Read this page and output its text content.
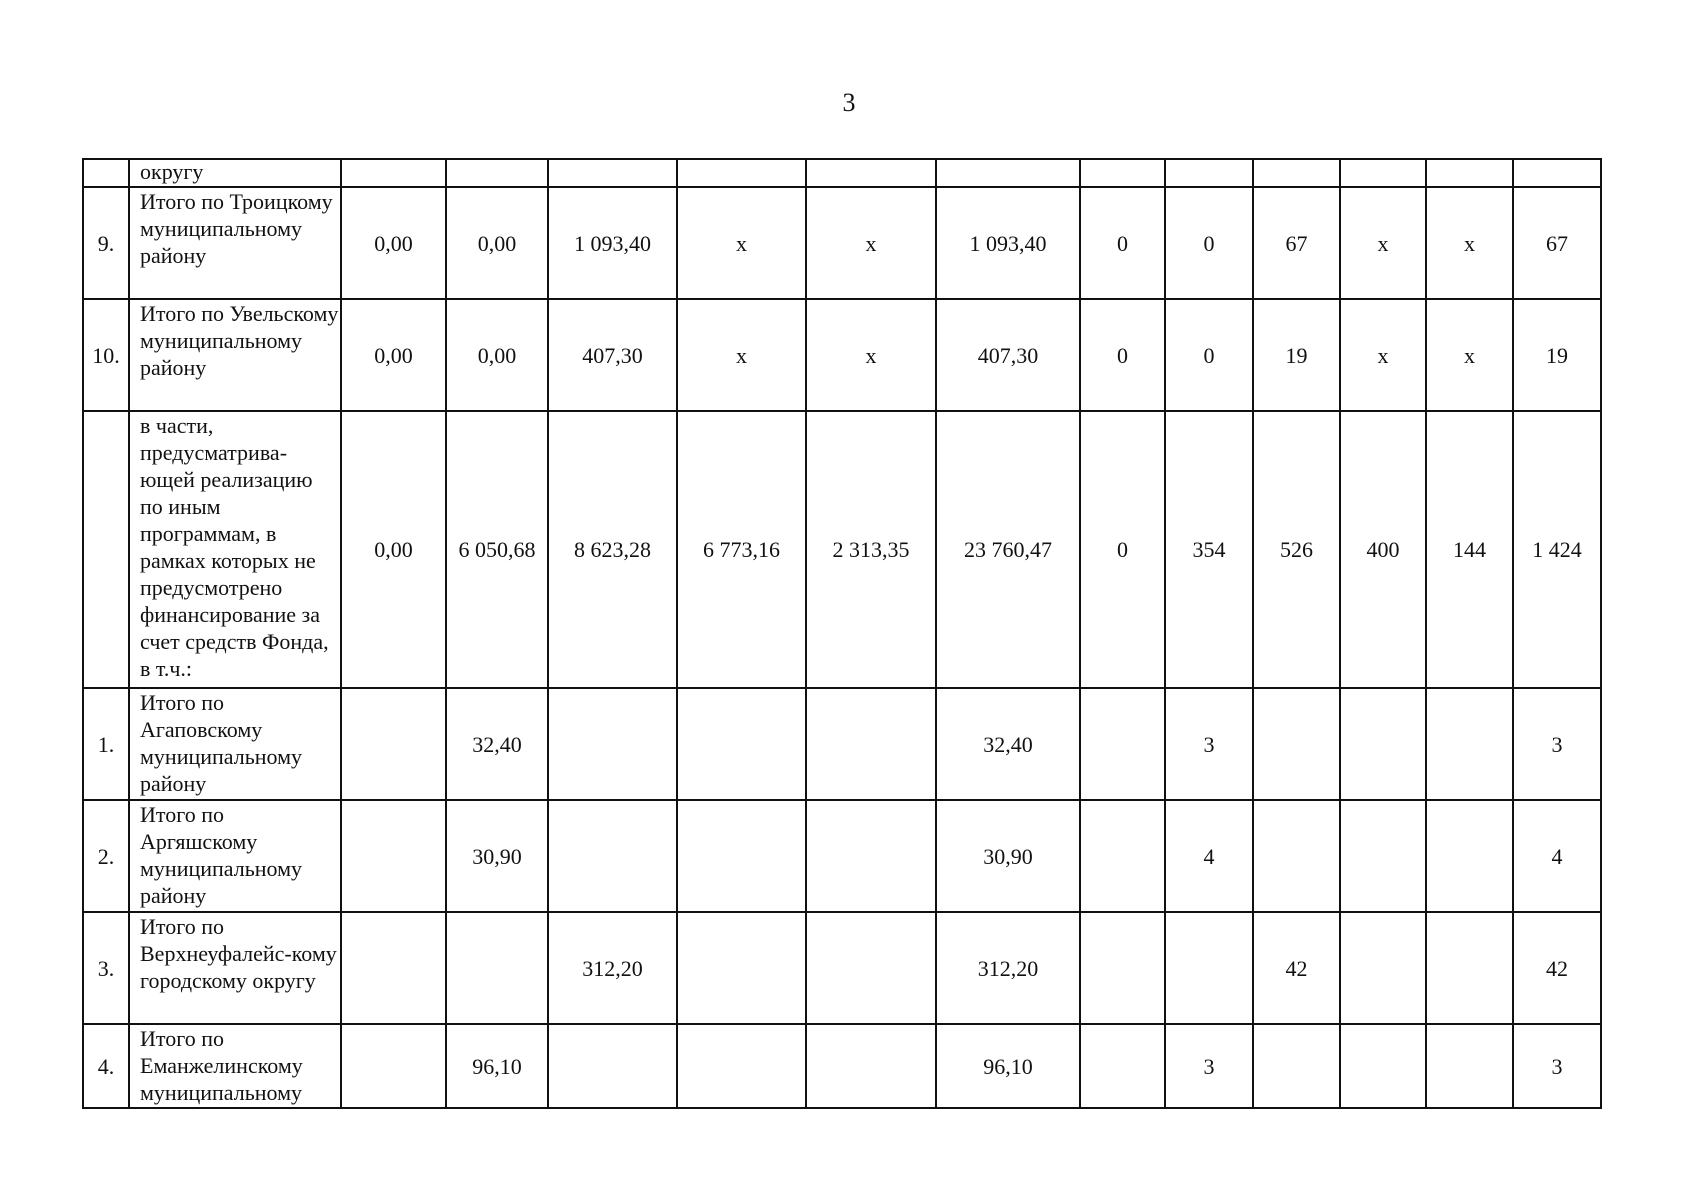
3
	округу												
9.	Итого по Троицкому муниципальному району	0,00	0,00	1 093,40	х	х	1 093,40	0	0	67	х	х	67
10.	Итого по Увельскому муниципальному району	0,00	0,00	407,30	х	х	407,30	0	0	19	х	х	19
	в части, предусматрива-ющей реализацию по иным программам, в рамках которых не предусмотрено финансирование за счет средств Фонда, в т.ч.:	0,00	6 050,68	8 623,28	6 773,16	2 313,35	23 760,47	0	354	526	400	144	1 424
1.	Итого по Агаповскому муниципальному району		32,40				32,40		3				3
2.	Итого по Аргяшскому муниципальному району		30,90				30,90		4				4
3.	Итого по Верхнеуфалейс-кому городскому округу			312,20			312,20			42			42
4.	Итого по Еманжелинскому муниципальному		96,10				96,10		3				3
